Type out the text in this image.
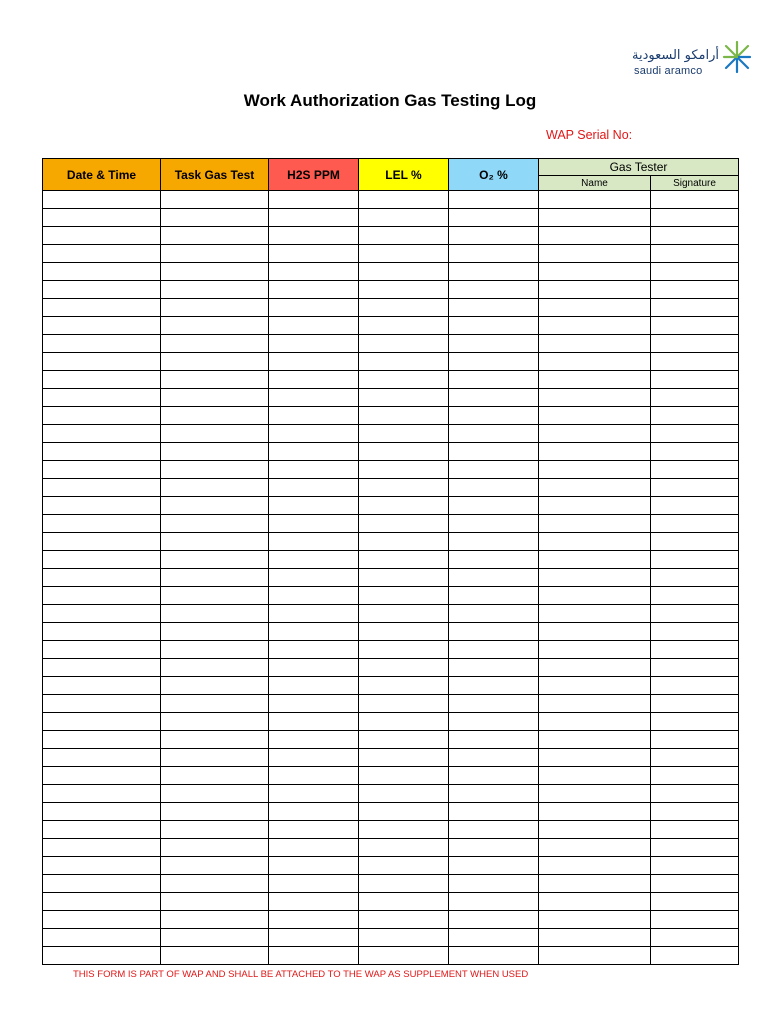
أرامكو السعودية
saudi aramco
Work Authorization Gas Testing Log
WAP Serial No:
Date & Time	Task Gas Test	H2S PPM	LEL %	O₂ %	Gas Tester	
					Name	Signature

THIS FORM IS PART OF WAP AND SHALL BE ATTACHED TO THE WAP AS SUPPLEMENT WHEN USED
